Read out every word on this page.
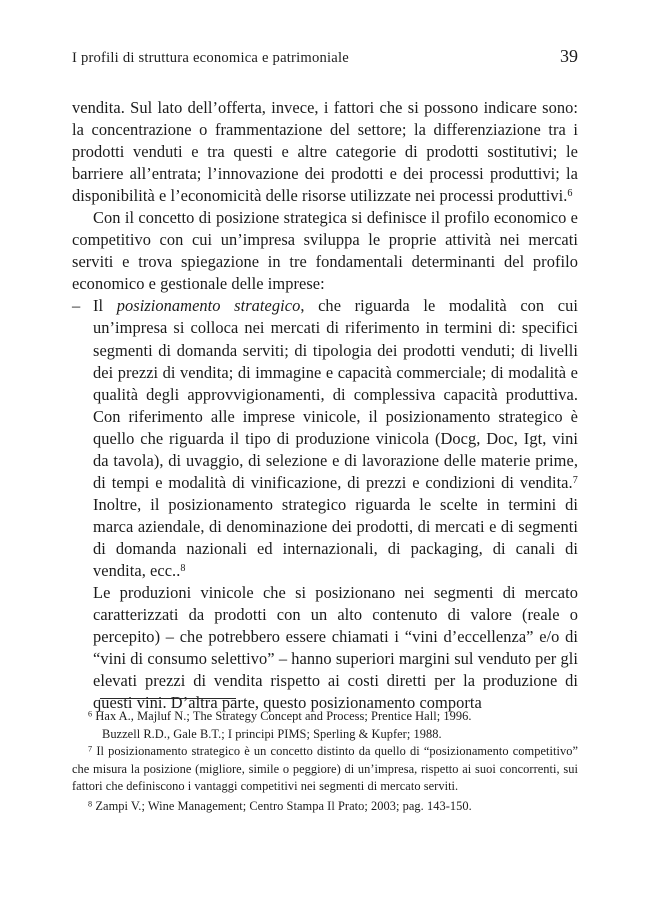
I profili di struttura economica e patrimoniale	39

vendita. Sul lato dell’offerta, invece, i fattori che si possono indicare sono: la concentrazione o frammentazione del settore; la differenziazione tra i prodotti venduti e tra questi e altre categorie di prodotti sostitutivi; le barriere all’entrata; l’innovazione dei prodotti e dei processi produttivi; la disponibilità e l’economicità delle risorse utilizzate nei processi produttivi.$^6$

Con il concetto di posizione strategica si definisce il profilo economico e competitivo con cui un’impresa sviluppa le proprie attività nei mercati serviti e trova spiegazione in tre fondamentali determinanti del profilo economico e gestionale delle imprese:

– Il posizionamento strategico, che riguarda le modalità con cui un’impresa si colloca nei mercati di riferimento in termini di: specifici segmenti di domanda serviti; di tipologia dei prodotti venduti; di livelli dei prezzi di vendita; di immagine e capacità commerciale; di modalità e qualità degli approvvigionamenti, di complessiva capacità produttiva. Con riferimento alle imprese vinicole, il posizionamento strategico è quello che riguarda il tipo di produzione vinicola (Docg, Doc, Igt, vini da tavola), di uvaggio, di selezione e di lavorazione delle materie prime, di tempi e modalità di vinificazione, di prezzi e condizioni di vendita.$^7$ Inoltre, il posizionamento strategico riguarda le scelte in termini di marca aziendale, di denominazione dei prodotti, di mercati e di segmenti di domanda nazionali ed internazionali, di packaging, di canali di vendita, ecc..$^8$

Le produzioni vinicole che si posizionano nei segmenti di mercato caratterizzati da prodotti con un alto contenuto di valore (reale o percepito) – che potrebbero essere chiamati i “vini d’eccellenza” e/o di “vini di consumo selettivo” – hanno superiori margini sul venduto per gli elevati prezzi di vendita rispetto ai costi diretti per la produzione di questi vini. D’altra parte, questo posizionamento comporta

$^6$ Hax A., Majluf N.; The Strategy Concept and Process; Prentice Hall; 1996.

Buzzell R.D., Gale B.T.; I principi PIMS; Sperling & Kupfer; 1988.

$^7$ Il posizionamento strategico è un concetto distinto da quello di “posizionamento competitivo” che misura la posizione (migliore, simile o peggiore) di un’impresa, rispetto ai suoi concorrenti, sui fattori che definiscono i vantaggi competitivi nei segmenti di mercato serviti.

$^8$ Zampi V.; Wine Management; Centro Stampa Il Prato; 2003; pag. 143-150.
